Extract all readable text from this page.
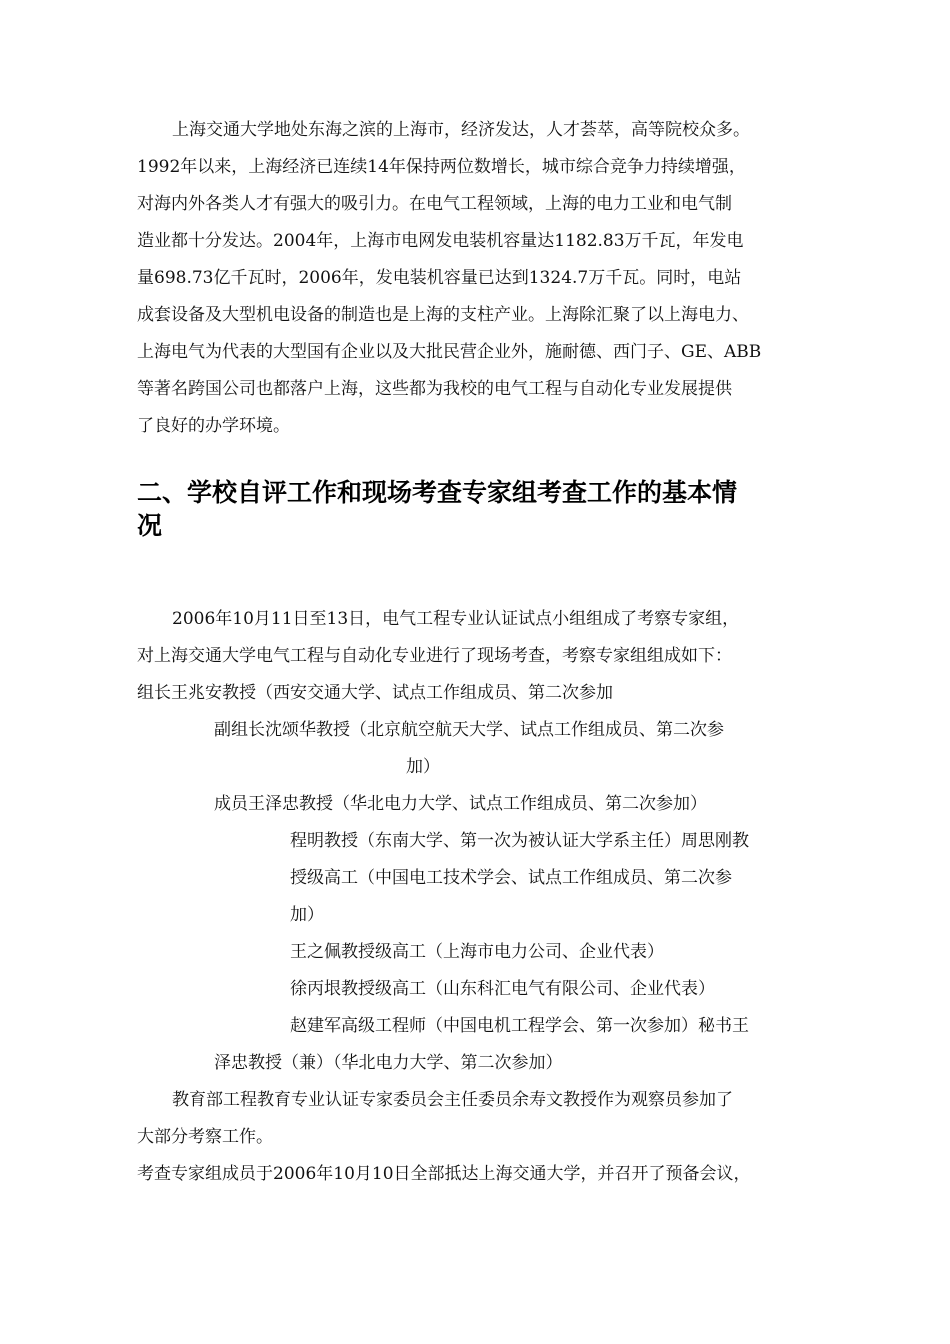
上海交通大学地处东海之滨的上海市，经济发达，人才荟萃，高等院校众多。
1992年以来，上海经济已连续14年保持两位数增长，城市综合竞争力持续增强，
对海内外各类人才有强大的吸引力。在电气工程领域，上海的电力工业和电气制
造业都十分发达。2004年，上海市电网发电装机容量达1182.83万千瓦，年发电
量698.73亿千瓦时，2006年，发电装机容量已达到1324.7万千瓦。同时，电站
成套设备及大型机电设备的制造也是上海的支柱产业。上海除汇聚了以上海电力、
上海电气为代表的大型国有企业以及大批民营企业外，施耐德、西门子、GE、ABB
等著名跨国公司也都落户上海，这些都为我校的电气工程与自动化专业发展提供
了良好的办学环境。
二、学校自评工作和现场考查专家组考查工作的基本情
况
2006年10月11日至13日，电气工程专业认证试点小组组成了考察专家组，
对上海交通大学电气工程与自动化专业进行了现场考查，考察专家组组成如下：
组长王兆安教授（西安交通大学、试点工作组成员、第二次参加
副组长沈颂华教授（北京航空航天大学、试点工作组成员、第二次参
加）
成员王泽忠教授（华北电力大学、试点工作组成员、第二次参加）
程明教授（东南大学、第一次为被认证大学系主任）周思刚教
授级高工（中国电工技术学会、试点工作组成员、第二次参
加）
王之佩教授级高工（上海市电力公司、企业代表）
徐丙垠教授级高工（山东科汇电气有限公司、企业代表）
赵建军高级工程师（中国电机工程学会、第一次参加）秘书王
泽忠教授（兼）（华北电力大学、第二次参加）
教育部工程教育专业认证专家委员会主任委员余寿文教授作为观察员参加了
大部分考察工作。
考查专家组成员于2006年10月10日全部抵达上海交通大学，并召开了预备会议，
